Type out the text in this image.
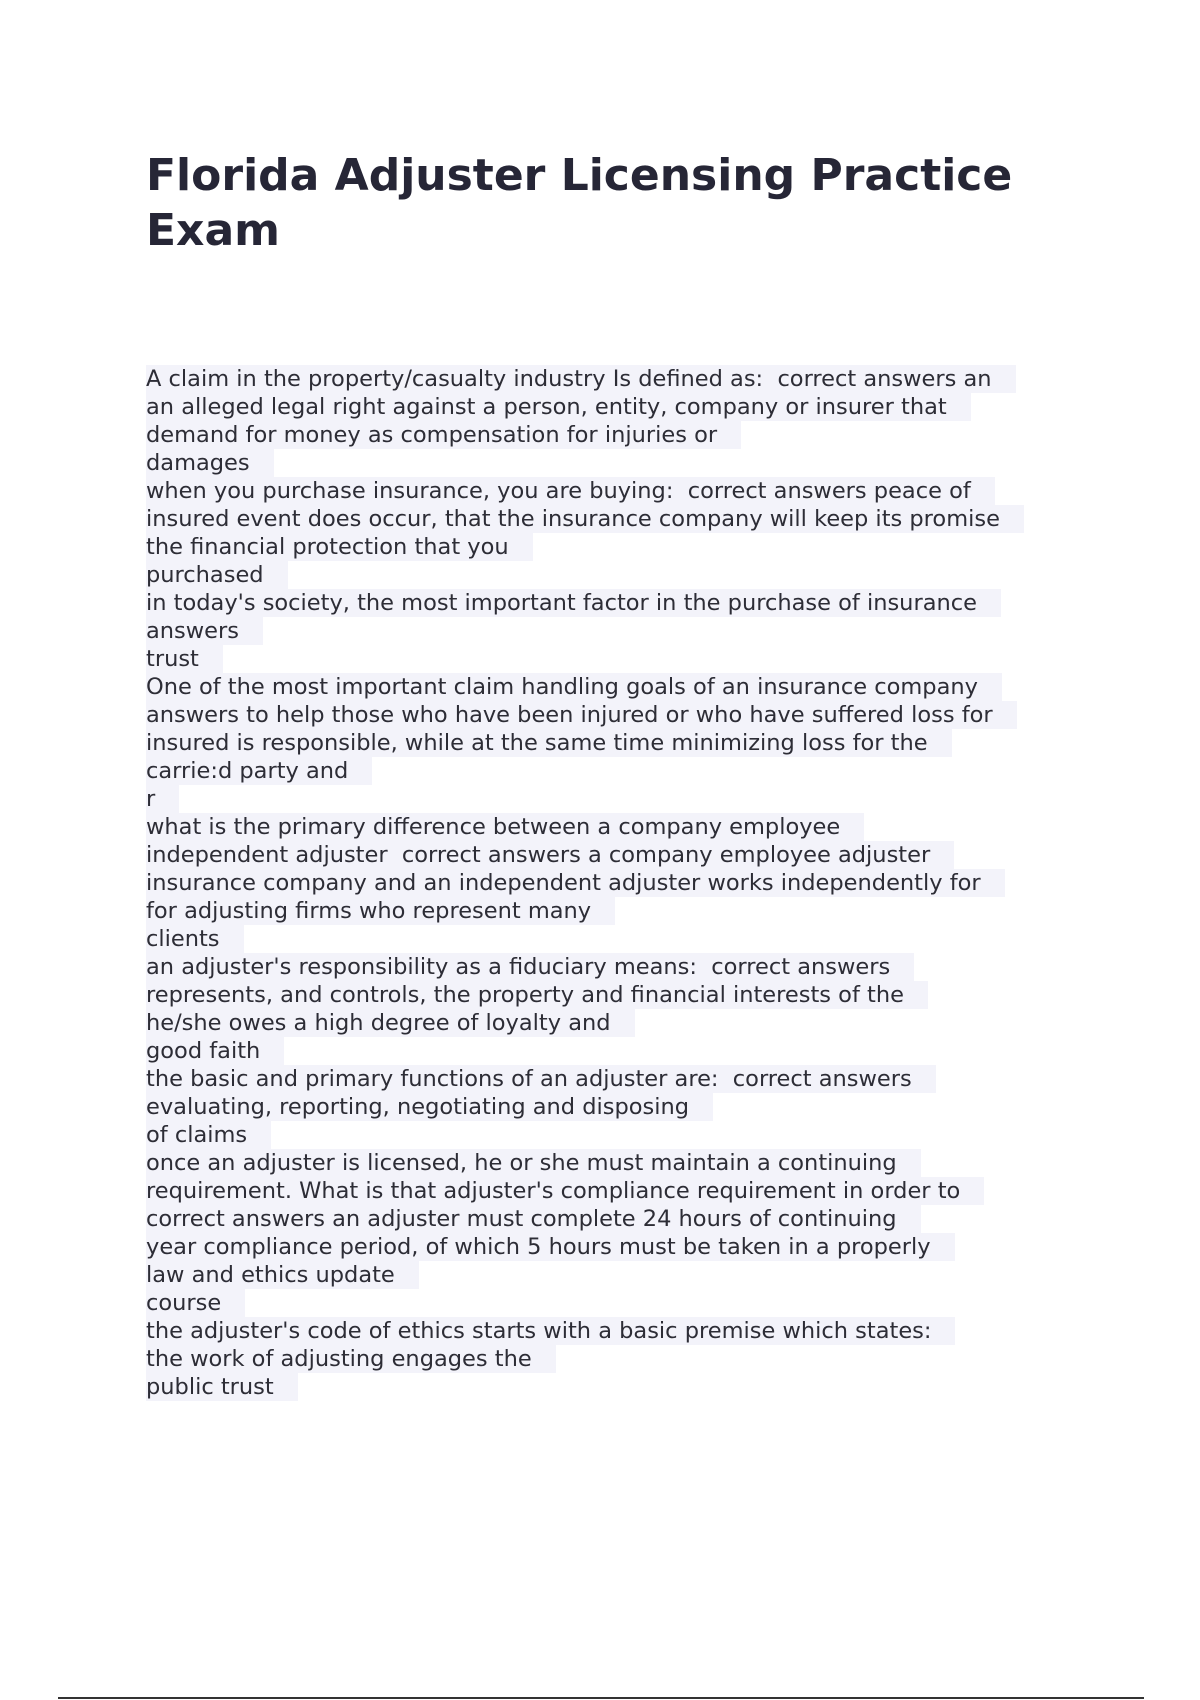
Florida Adjuster Licensing Practice Exam
A claim in the property/casualty industry Is defined as:  correct answers an
an alleged legal right against a person, entity, company or insurer that
demand for money as compensation for injuries or
damages
when you purchase insurance, you are buying:  correct answers peace of
insured event does occur, that the insurance company will keep its promise
the financial protection that you
purchased
in today's society, the most important factor in the purchase of insurance
answers
trust
One of the most important claim handling goals of an insurance company
answers to help those who have been injured or who have suffered loss for
insured is responsible, while at the same time minimizing loss for the
carrie:d party and
r
what is the primary difference between a company employee
independent adjuster  correct answers a company employee adjuster
insurance company and an independent adjuster works independently for
for adjusting firms who represent many
clients
an adjuster's responsibility as a fiduciary means:  correct answers
represents, and controls, the property and financial interests of the
he/she owes a high degree of loyalty and
good faith
the basic and primary functions of an adjuster are:  correct answers
evaluating, reporting, negotiating and disposing
of claims
once an adjuster is licensed, he or she must maintain a continuing
requirement. What is that adjuster's compliance requirement in order to
correct answers an adjuster must complete 24 hours of continuing
year compliance period, of which 5 hours must be taken in a properly
law and ethics update
course
the adjuster's code of ethics starts with a basic premise which states:
the work of adjusting engages the
public trust
